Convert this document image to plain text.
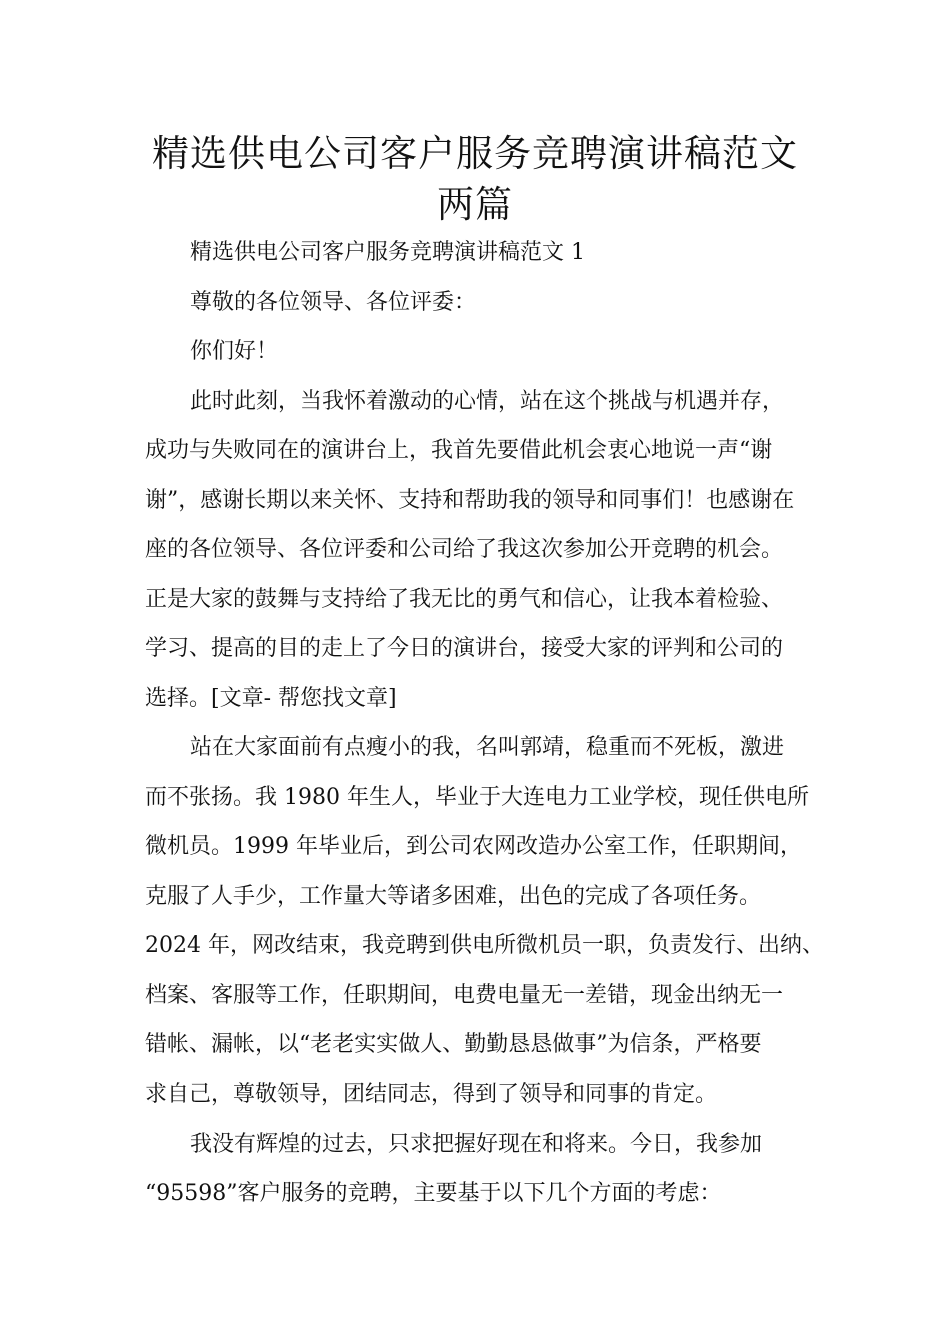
精选供电公司客户服务竞聘演讲稿范文
两篇

精选供电公司客户服务竞聘演讲稿范文 1

尊敬的各位领导、各位评委：

你们好！

此时此刻，当我怀着激动的心情，站在这个挑战与机遇并存，

成功与失败同在的演讲台上，我首先要借此机会衷心地说一声“谢

谢”，感谢长期以来关怀、支持和帮助我的领导和同事们！也感谢在

座的各位领导、各位评委和公司给了我这次参加公开竞聘的机会。

正是大家的鼓舞与支持给了我无比的勇气和信心，让我本着检验、

学习、提高的目的走上了今日的演讲台，接受大家的评判和公司的

选择。[文章- 帮您找文章]

站在大家面前有点瘦小的我，名叫郭靖，稳重而不死板，激进

而不张扬。我 1980 年生人，毕业于大连电力工业学校，现任供电所

微机员。1999 年毕业后，到公司农网改造办公室工作，任职期间，

克服了人手少，工作量大等诸多困难，出色的完成了各项任务。

2024 年，网改结束，我竞聘到供电所微机员一职，负责发行、出纳、

档案、客服等工作，任职期间，电费电量无一差错，现金出纳无一

错帐、漏帐，以“老老实实做人、勤勤恳恳做事”为信条，严格要

求自己，尊敬领导，团结同志，得到了领导和同事的肯定。

我没有辉煌的过去，只求把握好现在和将来。今日，我参加

“95598”客户服务的竞聘，主要基于以下几个方面的考虑：
